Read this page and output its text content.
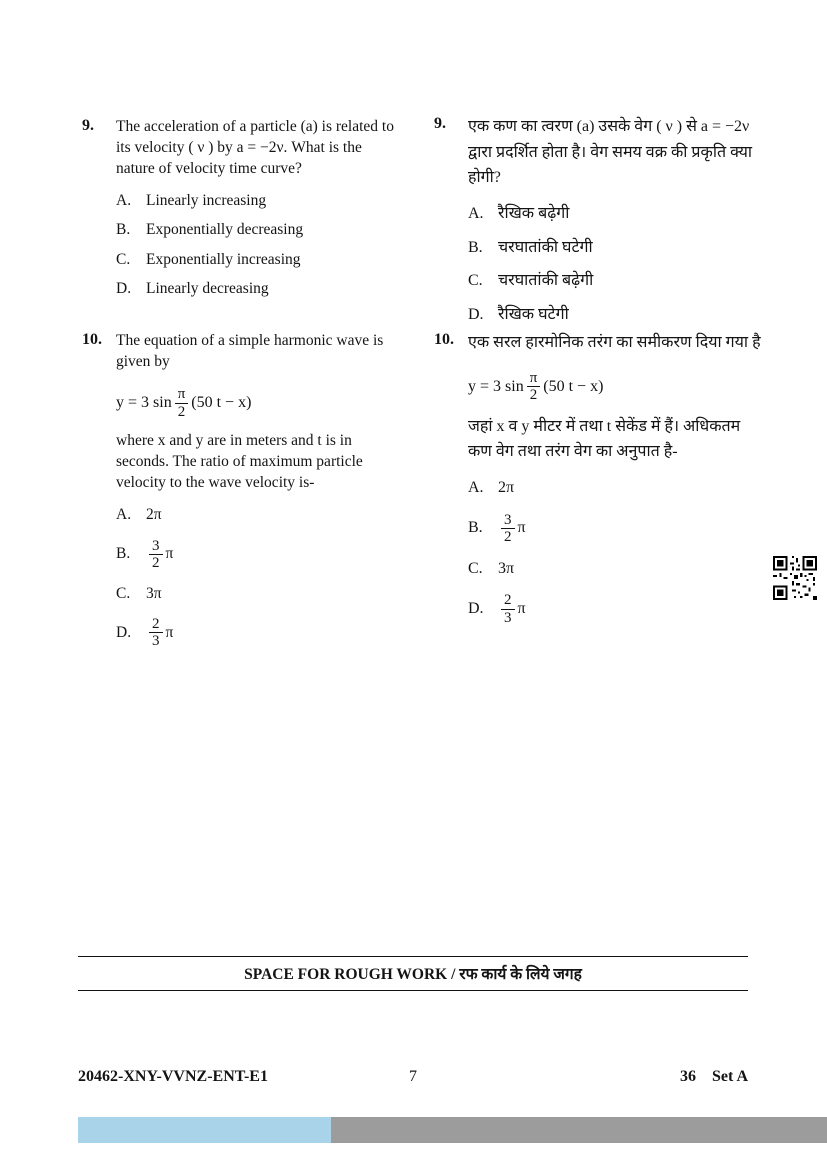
9.	The acceleration of a particle (a) is related to its velocity ( ν ) by a = −2ν. What is the nature of velocity time curve?

A. Linearly increasing
B.	Exponentially decreasing
C.	Exponentially increasing
D. Linearly decreasing
9.	एक कण का त्वरण (a) उसके वेग ( ν ) से a = −2ν द्वारा प्रदर्शित होता है। वेग समय वक्र की प्रकृति क्या होगी?

A. रैखिक बढ़ेगी
B. चरघातांकी घटेगी
C. चरघातांकी बढ़ेगी
D. रैखिक घटेगी
10. The equation of a simple harmonic wave is given by

y = 3 $\sin \frac{\pi}{2} (50$ t − x)

where x and y are in meters and t is in seconds. The ratio of maximum particle velocity to the wave velocity is-

A. 2π
B.	$\frac{3}{2}$ π
C.	3π
D.	$\frac{2}{3}$ π
10. एक सरल हारमोनिक तरंग का समीकरण दिया गया है

y = 3 $\sin \frac{\pi}{2} (50$ t − x)

जहां x व y मीटर में तथा t सेकेंड में हैं। अधिकतम कण वेग तथा तरंग वेग का अनुपात है-

A. 2π
B.	$\frac{3}{2}$ π
C. 3π
D.	$\frac{2}{3}$ π
SPACE FOR ROUGH WORK / रफ कार्य के लिये जगह
20462-XNY-VVNZ-ENT-E1	7	36 Set A
